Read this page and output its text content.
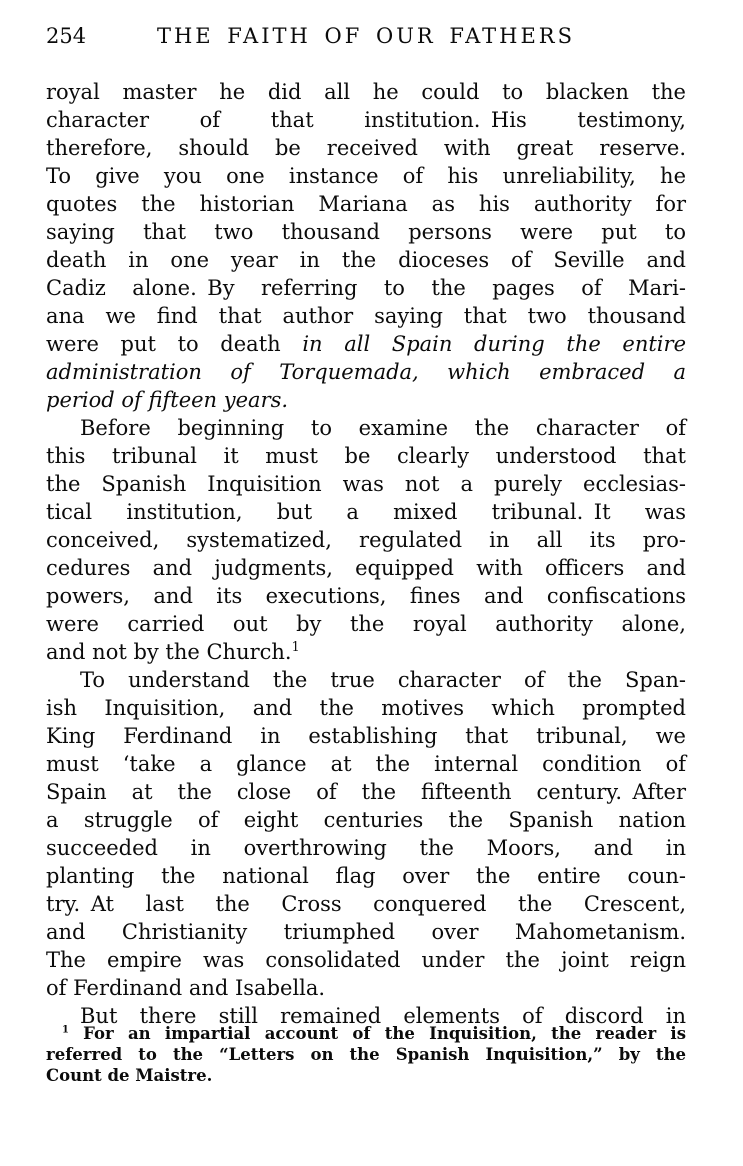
254	THE FAITH OF OUR FATHERS
royal master he did all he could to blacken the
character of that institution. His testimony,
therefore, should be received with great reserve.
To give you one instance of his unreliability, he
quotes the historian Mariana as his authority for
saying that two thousand persons were put to
death in one year in the dioceses of Seville and
Cadiz alone. By referring to the pages of Mari-
ana we find that author saying that two thousand
were put to death in all Spain during the entire
administration of Torquemada, which embraced a
period of fifteen years.
Before beginning to examine the character of
this tribunal it must be clearly understood that
the Spanish Inquisition was not a purely ecclesias-
tical institution, but a mixed tribunal. It was
conceived, systematized, regulated in all its pro-
cedures and judgments, equipped with officers and
powers, and its executions, fines and confiscations
were carried out by the royal authority alone,
and not by the Church.$^1$
To understand the true character of the Span-
ish Inquisition, and the motives which prompted
King Ferdinand in establishing that tribunal, we
must ‘take a glance at the internal condition of
Spain at the close of the fifteenth century. After
a struggle of eight centuries the Spanish nation
succeeded in overthrowing the Moors, and in
planting the national flag over the entire coun-
try. At last the Cross conquered the Crescent,
and Christianity triumphed over Mahometanism.
The empire was consolidated under the joint reign
of Ferdinand and Isabella.
But there still remained elements of discord in
$^1$ For an impartial account of the Inquisition, the reader is
referred to the “Letters on the Spanish Inquisition,” by the
Count de Maistre.
